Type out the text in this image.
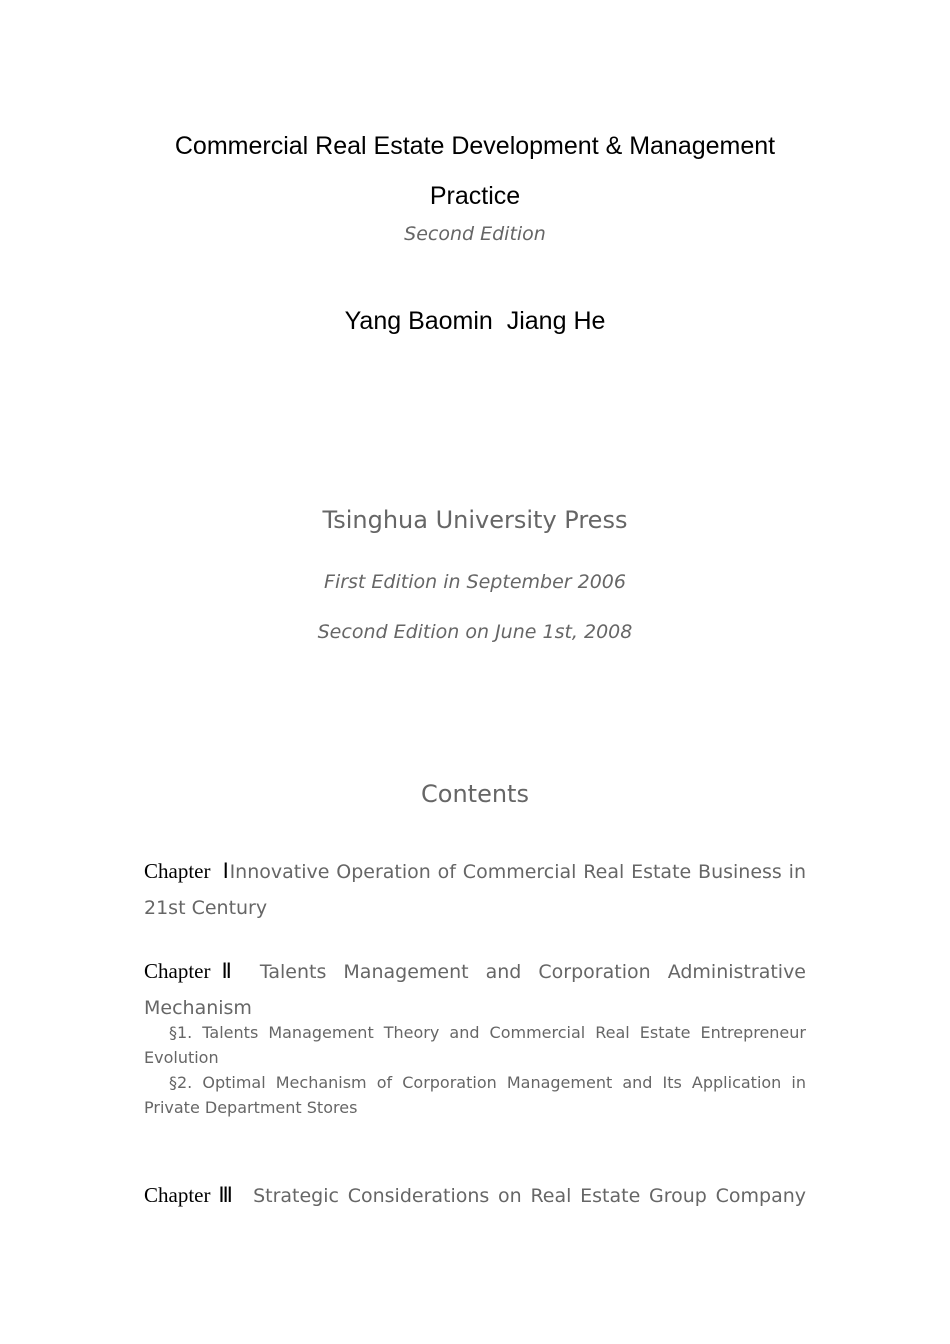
Commercial Real Estate Development & Management
Practice
Second Edition
Yang Baomin  Jiang He
Tsinghua University Press
First Edition in September 2006
Second Edition on June 1st, 2008
Contents
Chapter  ⅠInnovative Operation of Commercial Real Estate Business in 21st Century
ChapterⅡ Talents Management and Corporation Administrative Mechanism
§1. Talents Management Theory and Commercial Real Estate Entrepreneur Evolution
§2. Optimal Mechanism of Corporation Management and Its Application in Private Department Stores
Chapter Ⅲ  Strategic Considerations on Real Estate Group Company
